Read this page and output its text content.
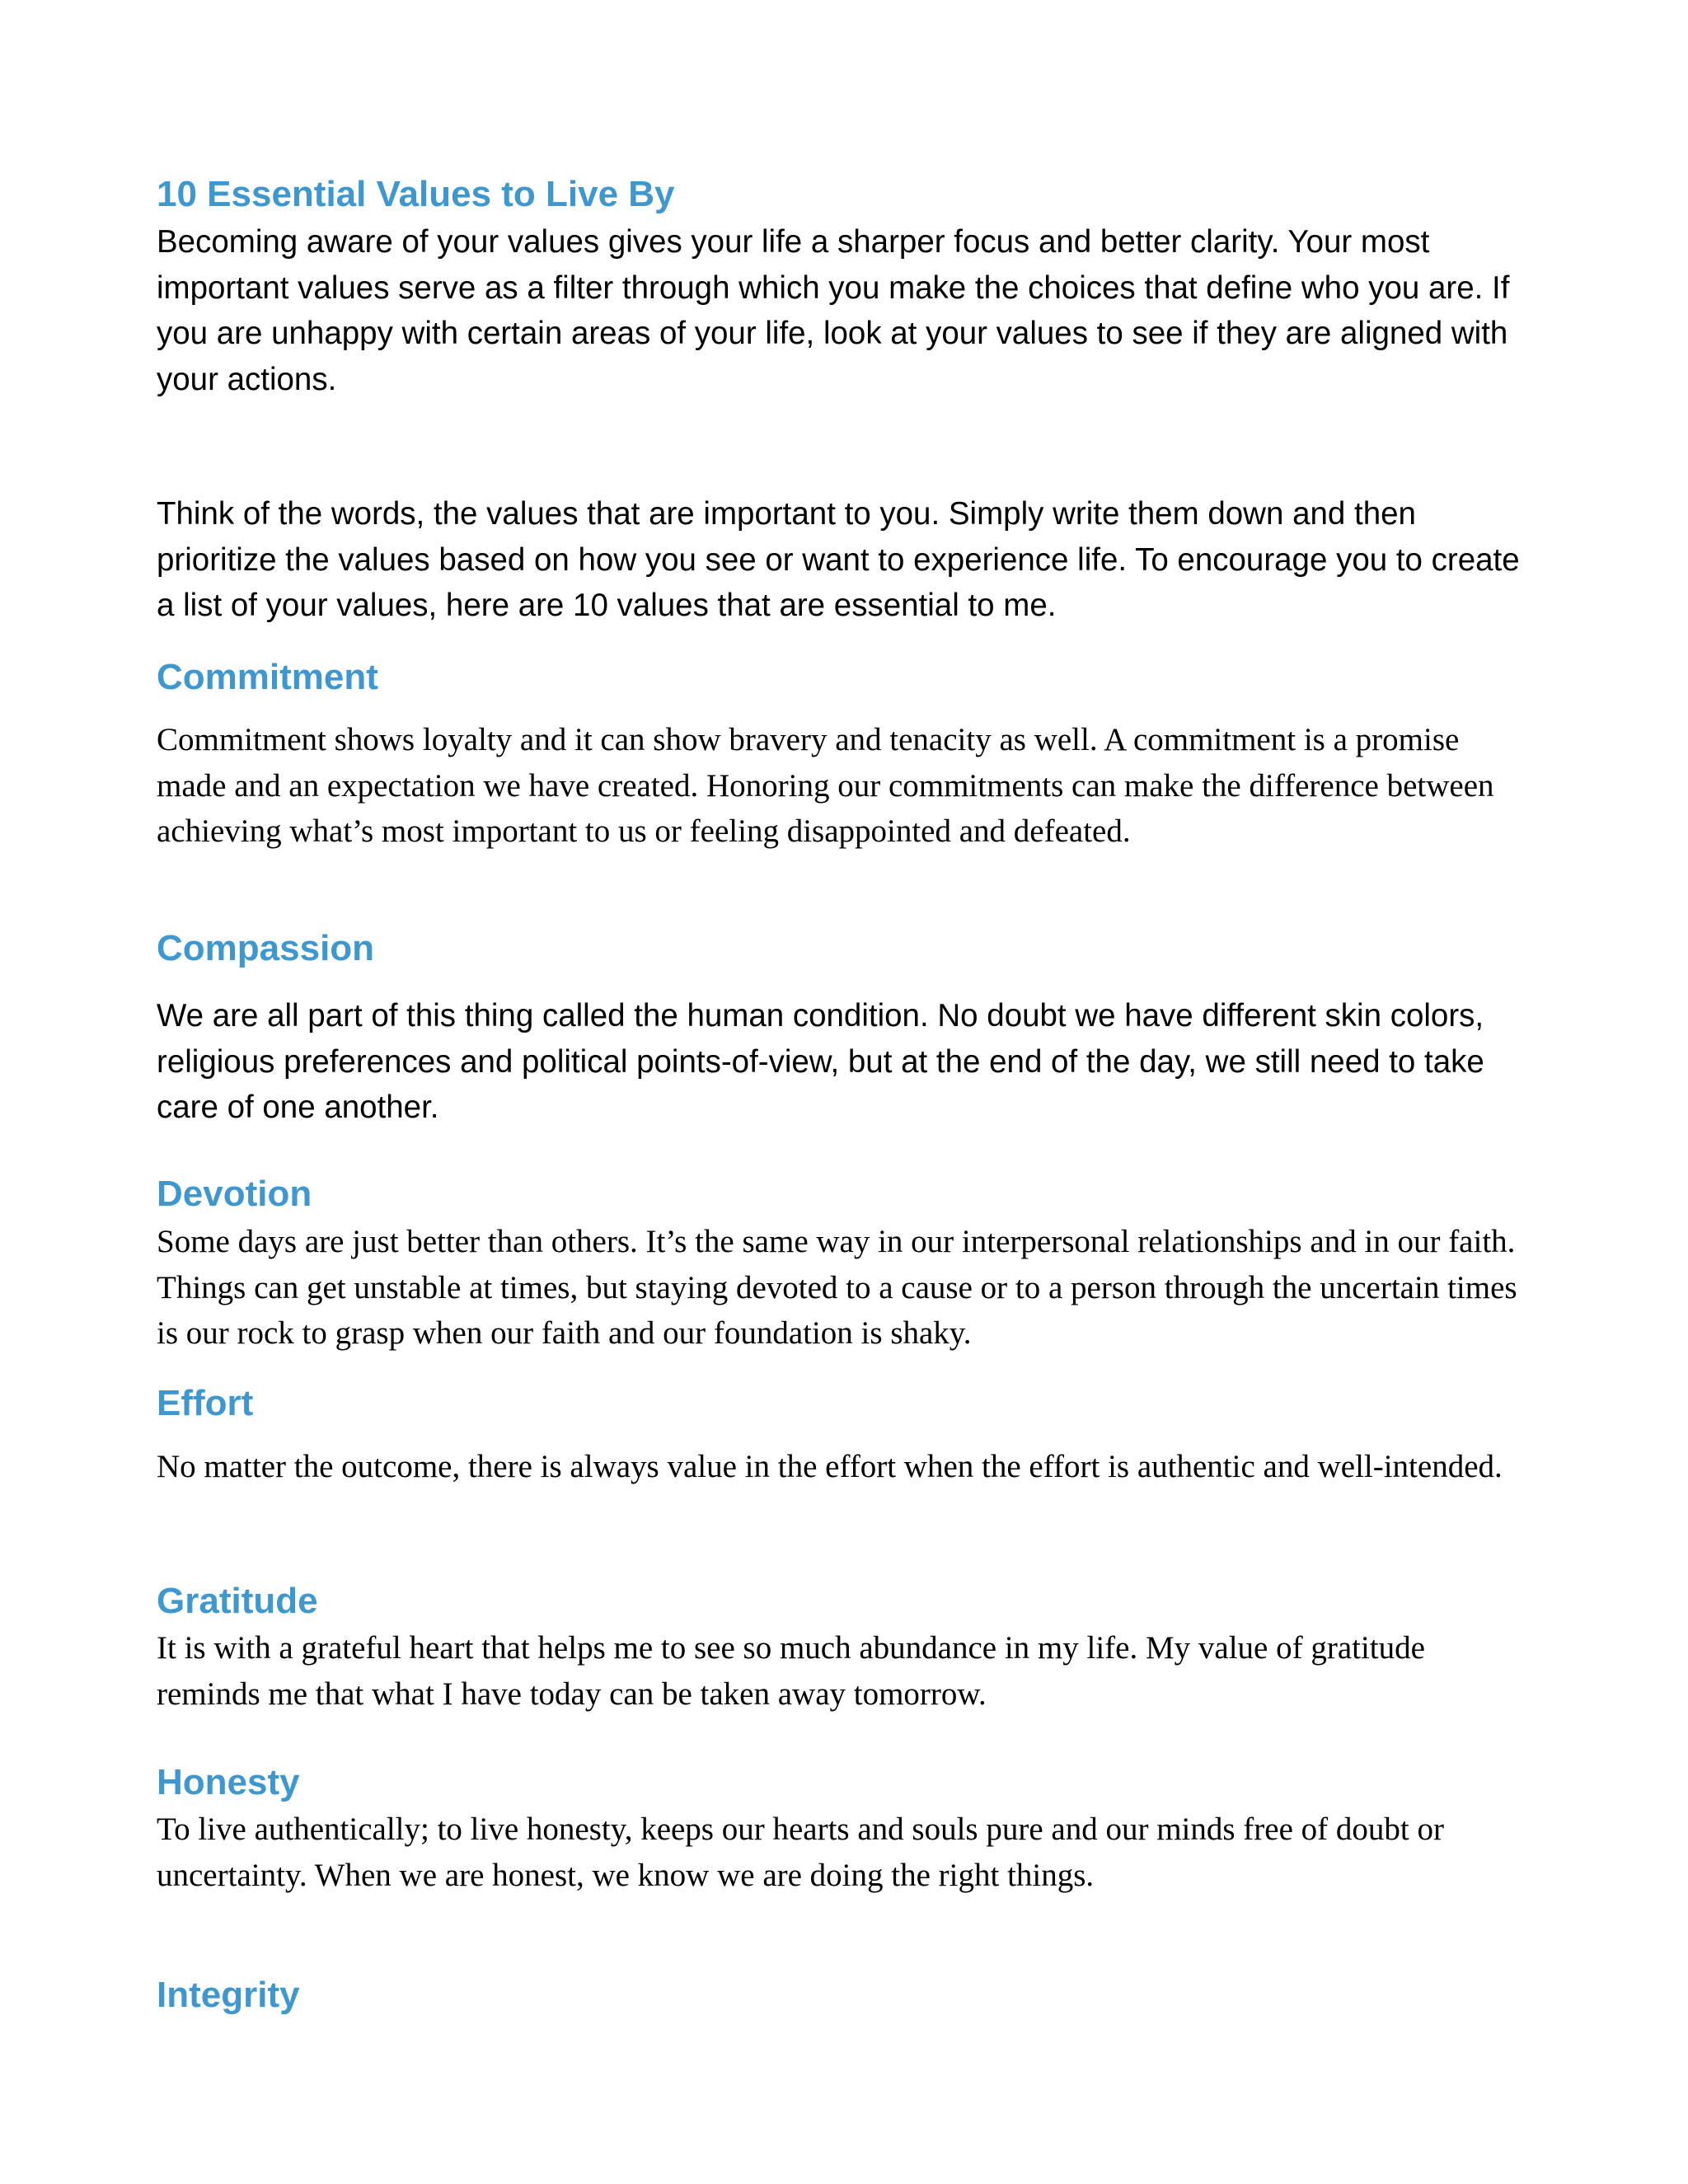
10 Essential Values to Live By

Becoming aware of your values gives your life a sharper focus and better clarity. Your most important values serve as a filter through which you make the choices that define who you are. If you are unhappy with certain areas of your life, look at your values to see if they are aligned with your actions.

Think of the words, the values that are important to you. Simply write them down and then prioritize the values based on how you see or want to experience life. To encourage you to create a list of your values, here are 10 values that are essential to me.

Commitment

Commitment shows loyalty and it can show bravery and tenacity as well. A commitment is a promise made and an expectation we have created. Honoring our commitments can make the difference between achieving what’s most important to us or feeling disappointed and defeated.

Compassion

We are all part of this thing called the human condition. No doubt we have different skin colors, religious preferences and political points-of-view, but at the end of the day, we still need to take care of one another.

Devotion

Some days are just better than others. It’s the same way in our interpersonal relationships and in our faith. Things can get unstable at times, but staying devoted to a cause or to a person through the uncertain times is our rock to grasp when our faith and our foundation is shaky.

Effort

No matter the outcome, there is always value in the effort when the effort is authentic and well-intended.

Gratitude

It is with a grateful heart that helps me to see so much abundance in my life. My value of gratitude reminds me that what I have today can be taken away tomorrow.

Honesty

To live authentically; to live honesty, keeps our hearts and souls pure and our minds free of doubt or uncertainty. When we are honest, we know we are doing the right things.

Integrity
